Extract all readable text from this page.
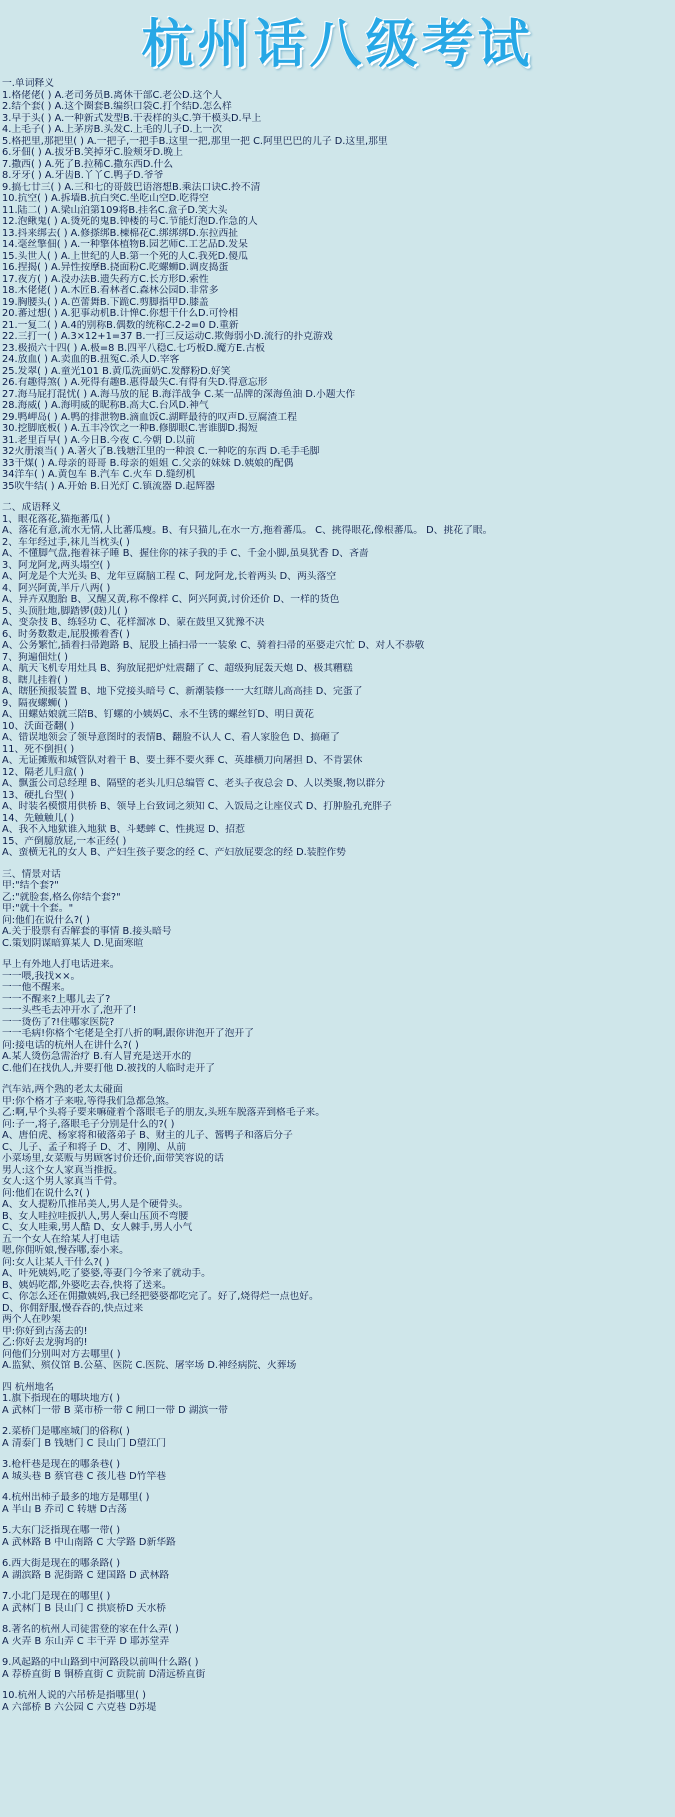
杭州话八级考试
一.单词释义
1.格佬佬( ) A.老司务员B.离休干部C.老公D.这个人
2.结个套( ) A.这个圈套B.编织口袋C.打个结D.怎么样
3.早于头( ) A.一种新式发型B.干表样的头C.笋干模头D.早上
4.上毛子( ) A.上茅房B.头发C.上毛的儿子D.上一次
5.格把里,那把里( ) A.一把子,一把手B.这里一把,那里一把 C.阿里巴巴的儿子 D.这里,那里
6.牙佃( ) A.拔牙B.笑掉牙C.脸颊牙D.晚上
7.撒西( ) A.死了B.拉稀C.撒东西D.什么
8.牙牙( ) A.牙齿B.丫丫C.鸭子D.爷爷
9.搞七廿三( ) A.三和七的哥鼓巴语溶想B.乘法口诀C.拎不清
10.抗空( ) A.拆墙B.抗白突C.坐吃山空D.吃得空
11.陆二( ) A.梁山泊第109将B.挂名C.盒子D.笑大头
12.泡鳅鬼( ) A.烫死的鬼B.钟楼的号C.节能灯泡D.作急的人
13.抖来绑去( ) A.修搽绑B.棟棉花C.绑绑绑D.东拉西扯
14.毫丝擎佃( ) A.一种擎体植物B.园艺师C.工艺品D.发呆
15.头世人( ) A.上世纪的人B.第一个死的人C.我死D.傻瓜
16.捏揭( ) A.异性按摩B.挠面粉C.吃螺蛳D.调皮捣蛋
17.夜方( ) A.没办法B.遗失药方C.长方形D.索性
18.木佬佬( ) A.木匠B.看林者C.森林公园D.非常多
19.胸腰头( ) A.芭蕾舞B.下跪C.剪脚指甲D.膝盖
20.蕃过想( ) A.犯事动机B.计惮C.你想干什么D.可怜相
21.一复二( ) A.4的别称B.偶数的统称C.2-2=0 D.重新
22.三打一( ) A.3×12+1=37 B.一打三反运动C.欺侮弱小D.流行的扑克游戏
23.极损六十四( ) A.极=8 B.四平八稳C.七巧板D.魔方E.古板
24.放血( ) A.卖血的B.扭冤C.杀人D.宰客
25.发翠( ) A.童光101 B.黄瓜洗面奶C.发酵粉D.好笑
26.有趣得煞( ) A.死得有趣B.惠得最失C.有得有失D.得意忘形
27.海马屁打混忧( ) A.海马放的屁 B.海洋战争 C.某一品牌的深海鱼油 D.小题大作
28.海威( ) A.海明威的昵称B.高大C.台风D.神气
29.鸭岬岛( ) A.鸭的排泄物B.滴血饭C.湖畔最待的叹声D.豆腐渣工程
30.挖脚底板( ) A.五丰冷饮之一种B.修脚眼C.害谁脚D.揭短
31.老里百早( ) A.今日B.今夜 C.今朝 D.以前
32火册滚当( ) A.著火了B.钱塘江里的一种浪 C.一种吃的东西 D.毛手毛脚
33干煤( ) A.母亲的哥哥 B.母亲的姐姐 C.父亲的妹妹 D.姨娘的配偶
34洋车( ) A.黄包车 B.汽车 C.火车 D.缝纫机
35吹牛结( ) A.开始 B.日光灯 C.镇流器 D.起辉器
二、成语释义
1、眼花落花,猫拖蕃瓜( )
A、落花有意,流水无情,人比蕃瓜瘦。B、有只猫儿,在水一方,拖着蕃瓜。 C、挑得眼花,像根蕃瓜。 D、挑花了眼。
2、车年经过手,袜儿当枕头( )
A、不懂脚气盘,拖着袜子睡 B、握住你的袜子我的手 C、千金小脚,虽臭犹香 D、吝啬
3、阿龙阿龙,两头塌空( )
A、阿龙是个大光头 B、龙年豆腐脑工程 C、阿龙阿龙,长着两头 D、两头落空
4、阿兴阿黄,半斤八两( )
A、异卉双胞胎 B、又醒又黄,称不像样 C、阿兴阿黄,讨价还价 D、一样的货色
5、头顶肚地,脚踏锣(鼓)儿( )
A、变杂技 B、练轻功 C、花样溜冰 D、蒙在鼓里又犹豫不决
6、时务数数走,屁股搬着香( )
A、公务繁忙,插着扫帚跑路 B、屁股上插扫帚一一装象 C、骑着扫帚的巫婆走穴忙 D、对人不恭敬
7、狗遍佃灶( )
A、航天飞机专用灶具 B、狗放屁把炉灶震翻了 C、超级狗屁轰天炮 D、极其糟糕
8、瞎儿挂着( )
A、瞎胚预报装置 B、地下党接头暗号 C、新潮装修一一大红瞎儿高高挂 D、完蛋了
9、隔夜螺蛳( )
A、田螺姑娘就三陪B、钉螺的小姨妈C、永不生锈的螺丝钉D、明日黄花
10、沃面苍翻( )
A、错误地领会了领导意图时的表情B、翻脸不认人 C、看人家脸色 D、搞砸了
11、死不倒担( )
A、无证摊贩和城管队对着干 B、要土葬不要火葬 C、英雄横刀向屠担 D、不肯罢休
12、隔老儿归盒( )
A、飘蛋公司总经理 B、隔壁的老头儿归总编管 C、老头子夜总会 D、人以类聚,物以群分
13、硬扎台型( )
A、时装名模惯用供桥 B、领导上台致词之须知 C、入饭局之让座仪式 D、打肿脸孔充胖子
14、先触触儿( )
A、我不入地狱谁入地狱 B、斗蟋蟀 C、性挑逗 D、招惹
15、产倒臆放屁,一本正经( )
A、蛮横无礼的女人 B、产妇生孩子要念的经 C、产妇放屁要念的经 D.装腔作势
三、情景对话
甲:"结个套?"
乙:"就脸套,格么你结个套?"
甲:"就十个套。"
问:他们在说什么?( )
A.关于股票有否解套的事情 B.接头暗号
C.策划阴谋暗算某人 D.见面寒暄
早上有外地人打电话进来。
一一喂,我找××。
一一他不醒来。
一一不醒来?上哪儿去了?
一一头些毛去冲开水了,泡开了!
一一烫伤了?!住哪家医院?
一一毛病!你格个宅佬是全打八折的啊,跟你讲泡开了泡开了
问:接电话的杭州人在讲什么?( )
A.某人烫伤急需治疗 B.有人冒充是送开水的
C.他们在找仇人,并要打他 D.被找的人临时走开了
汽车站,两个熟的老太太碰面
甲:你个格才子来啦,等得我们急都急煞。
乙:啊,早个头将子要来嘛碰着个落眼毛子的朋友,头班车脱落弄到格毛子来。
问:子一,将子,落眼毛子分别是什么的?( )
A、唐伯虎、杨家将和破落弟子 B、财主的儿子、酱鸭子和落后分子
C、儿子、孟子和将子 D、才、刚刚、从前
小菜场里,女菜贩与男顾客讨价还价,面带笑容说的话
男人:这个女人家真当推扳。
女人:这个男人家真当千骨。
问:他们在说什么?( )
A、女人提粉爪推吊美人,男人是个硬骨头。
B、女人哇拉哇扳扒人,男人秦山压顶不弯腰
C、女人哇乘,男人酷 D、女人棘手,男人小气
五一个女人在给某人打电话
嗯,你佣听娘,慢吞哪,泰小来。
问:女人让某人干什么?( )
A、叶死姨妈,吃了婆婆,等妻门今爷来了就动手。
B、姨妈吃都,外婆吃去吞,快将了送来。
C、你怎么还在佣撒姨妈,我已经把婆婆都吃完了。好了,烧得烂一点也好。
D、你佣舒服,慢吞吞的,快点过来
两个人在吵架
甲:你好到古荡去的!
乙:你好去龙驹坞的!
问他们分别叫对方去哪里( )
A.监狱、殡仪馆 B.公墓、医院 C.医院、屠宰场 D.神经病院、火葬场
四 杭州地名
1.旗下指现在的哪块地方( )
A 武林门一带 B 菜市桥一带 C 闸口一带 D 湖滨一带
2.菜桥门是哪座城门的俗称( )
A 清泰门 B 钱塘门 C 艮山门 D望江门
3.枪杆巷是现在的哪条巷( )
A 城头巷 B 蔡官巷 C 孩儿巷 D竹竿巷
4.杭州出柿子最多的地方是哪里( )
A 半山 B 乔司 C 转塘 D古荡
5.大东门泛指现在哪一带( )
A 武林路 B 中山南路 C 大学路 D新华路
6.西大街是现在的哪条路( )
A 湖滨路 B 泥街路 C 建国路 D 武林路
7.小北门是现在的哪里( )
A 武林门 B 艮山门 C 拱宸桥D 天水桥
8.著名的杭州人司徒雷登的家在什么弄( )
A 火弄 B 东山弄 C 丰干弄 D 耶苏堂弄
9.风起路的中山路到中河路段以前叫什么路( )
A 荐桥直街 B 铜桥直街 C 贡院前 D清远桥直街
10.杭州人说的六吊桥是指哪里( )
A 六部桥 B 六公园 C 六克巷 D苏堤
